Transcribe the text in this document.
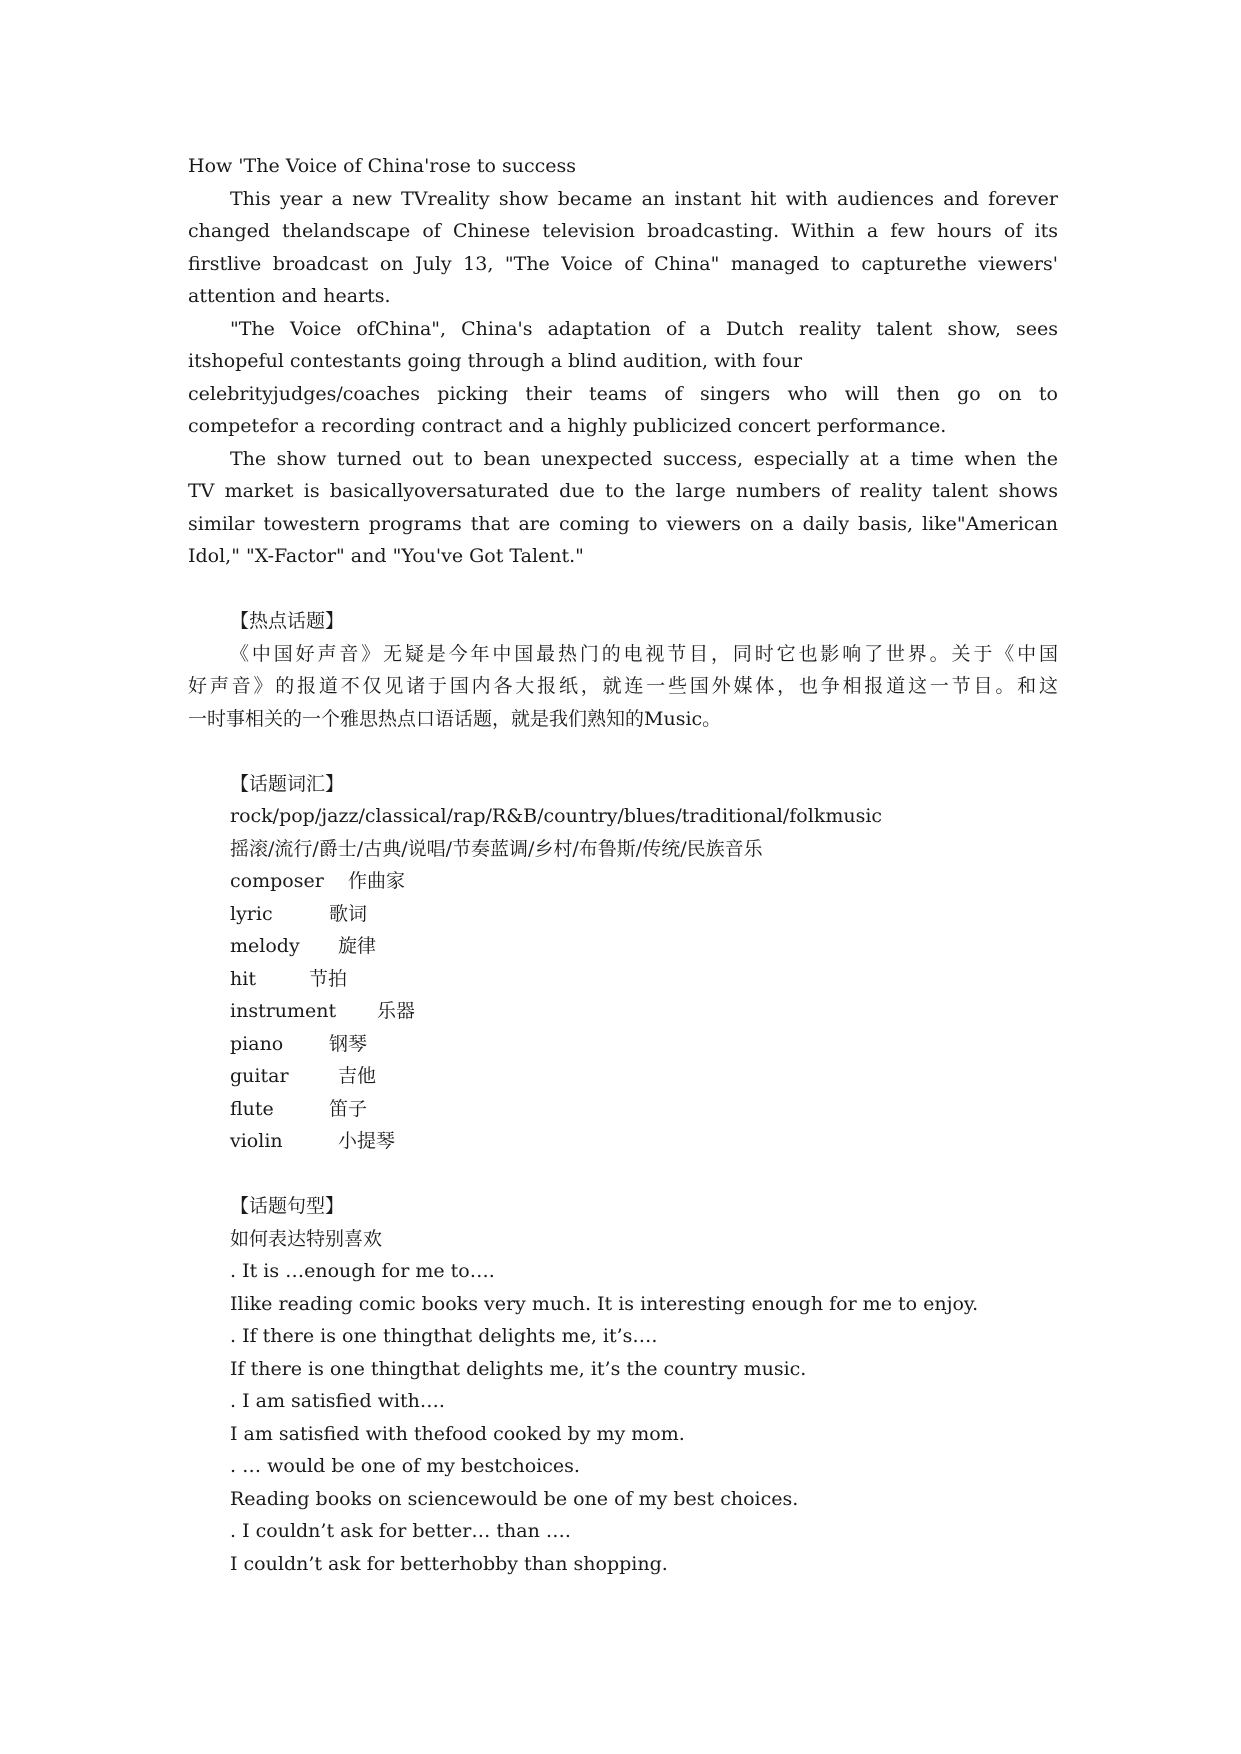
How 'The Voice of China'rose to success
This year a new TVreality show became an instant hit with audiences and forever
changed thelandscape of Chinese television broadcasting. Within a few hours of its
firstlive broadcast on July 13, "The Voice of China" managed to capturethe viewers'
attention and hearts.
"The Voice ofChina", China's adaptation of a Dutch reality talent show, sees
itshopeful contestants going through a blind audition, with four
celebrityjudges/coaches picking their teams of singers who will then go on to
competefor a recording contract and a highly publicized concert performance.
The show turned out to bean unexpected success, especially at a time when the
TV market is basicallyoversaturated due to the large numbers of reality talent shows
similar towestern programs that are coming to viewers on a daily basis, like"American
Idol," "X-Factor" and "You've Got Talent."
【热点话题】
《中国好声音》无疑是今年中国最热门的电视节目，同时它也影响了世界。关于《中国
好声音》的报道不仅见诸于国内各大报纸，就连一些国外媒体，也争相报道这一节目。和这
一时事相关的一个雅思热点口语话题，就是我们熟知的Music。
【话题词汇】
rock/pop/jazz/classical/rap/R&B/country/blues/traditional/folkmusic
摇滚/流行/爵士/古典/说唱/节奏蓝调/乡村/布鲁斯/传统/民族音乐
composer	作曲家
lyric	歌词
melody	旋律
hit	节拍
instrument	乐器
piano	钢琴
guitar	吉他
flute	笛子
violin	小提琴
【话题句型】
如何表达特别喜欢
. It is …enough for me to….
Ilike reading comic books very much. It is interesting enough for me to enjoy.
. If there is one thingthat delights me, it’s….
If there is one thingthat delights me, it’s the country music.
. I am satisfied with….
I am satisfied with thefood cooked by my mom.
. … would be one of my bestchoices.
Reading books on sciencewould be one of my best choices.
. I couldn’t ask for better… than ….
I couldn’t ask for betterhobby than shopping.
